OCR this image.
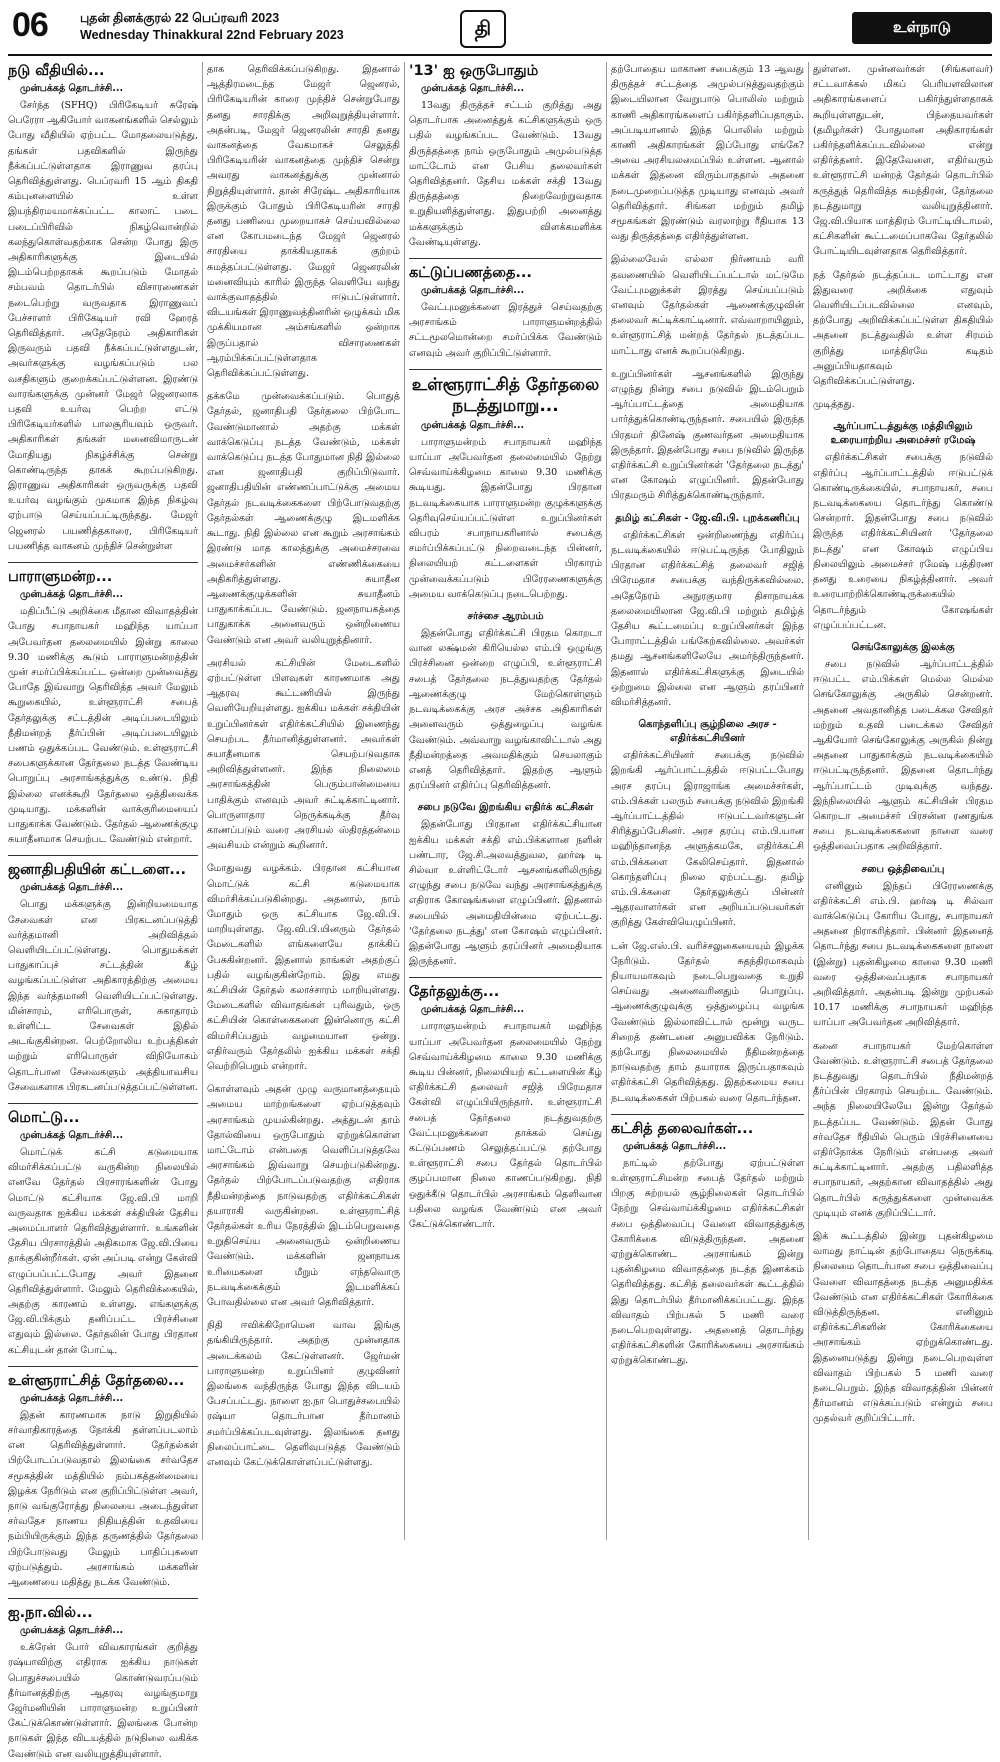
06	புதன் தினக்குரல் 22 பெப்ரவரி 2023
Wednesday Thinakkural 22nd February 2023	தி	உள்நாடு
நடு வீதியில்...
முன்பக்கத் தொடர்ச்சி...

சேர்ந்த (SFHQ) பிரிகேடியர் சுரேஷ் பெரேரா ஆகியோர் வாகனங்களில் செல்லும் போது வீதியில் ஏற்பட்ட மோதலையடுத்து, தங்கள் பதவிகளில் இருந்து நீக்கப்பட்டுள்ளதாக இராணுவ தரப்பு தெரிவித்துள்ளது. பெப்ரவரி 15 ஆம் திகதி கம்புனளையில் உள்ள இயந்திரமயமாக்கப்பட்ட காலாட் படை படைப்பிரிவில் நிகழ்வொன்றில் கலந்துகொள்வதற்காக சென்ற போது இரு அதிகாரிகளுக்கு இடையில் இடம்பெற்றதாகக் கூறப்படும் மோதல் சம்பவம் தொடர்பில் விசாரணைகள் நடைபெற்று வருவதாக இராணுவப் பேச்சாளர் பிரிகேடியர் ரவி ஹேரத் தெரிவித்தார். அதேநேரம் அதிகாரிகள் இருவரும் பதவி நீக்கப்பட்டுள்ளதுடன், அவர்களுக்கு வழங்கப்படும் பல வசதிகளும் குறைக்கப்பட்டுள்ளன. இரண்டு வாரங்களுக்கு முன்னர் மேஜர் ஜெனரலாக பதவி உயர்வு பெற்ற எட்டு பிரிகேடியர்களில் பாலசூரியவும் ஒருவர். அதிகாரிகள் தங்கள் மனைவிமாருடன் மோதியது நிகழ்ச்சிக்கு சென்று கொண்டிருந்த தாகக் கூறப்படுகிறது. இராணுவ அதிகாரிகள் ஒருவருக்கு பதவி உயர்வு வழங்கும் முகமாக இந்த நிகழ்வு ஏற்பாடு செய்யப்பட்டிருந்தது. மேஜர் ஜெனரல் பயணித்தகாரை, பிரிகேடியர் பயணித்த வாகனம் முந்திச் சென்றுள்ள

பாராளுமன்ற...
முன்பக்கத் தொடர்ச்சி...

மதிப்பீட்டு அறிக்கை மீதான விவாதத்தின் போது சபாநாயகர் மஹிந்த யாப்பா அபேவர்தன தலைமையில் இன்று காலை 9.30 மணிக்கு கூடும் பாராளுமன்றத்தின் முன் சமர்ப்பிக்கப்பட்ட ஒன்றை முன்வைத்து போதே இவ்வாறு தெரிவித்த அவர் மேலும் கூறுகையில், உள்ளூராட்சி சபைத் தேர்தலுக்கு சட்டத்தின் அடிப்படையிலும் நீதிமன்றத் தீர்ப்பின் அடிப்படையிலும் பணம் ஒதுக்கப்பட வேண்டும். உள்ளூராட்சி சபைகளுக்கான தேர்தலை நடத்த வேண்டிய பொறுப்பு அரசாங்கத்துக்கு உண்டு. நிதி இல்லை எனக்கூறி தேர்தலை ஒத்திவைக்க முடியாது. மக்களின் வாக்குரிமையைப் பாதுகாக்க வேண்டும். தேர்தல் ஆணைக்குழு சுயாதீனமாக செயற்பட வேண்டும் என்றார்.

ஜனாதிபதியின் கட்டளை...
முன்பக்கத் தொடர்ச்சி...

பொது மக்களுக்கு இன்றியமையாத சேவைகள் என பிரகடனப்படுத்தி வர்த்தமானி அறிவித்தல் வெளியிடப்பட்டுள்ளது. பொதுமக்கள் பாதுகாப்புச் சட்டத்தின் கீழ் வழங்கப்பட்டுள்ள அதிகாரத்திற்கு அமைய இந்த வர்த்தமானி வெளியிடப்பட்டுள்ளது. மின்சாரம், எரிபொருள், சுகாதாரம் உள்ளிட்ட சேவைகள் இதில் அடங்குகின்றன. பெற்றோலிய உற்பத்திகள் மற்றும் எரிபொருள் விநியோகம் தொடர்பான சேவைகளும் அத்தியாவசிய சேவைகளாக பிரகடனப்படுத்தப்பட்டுள்ளன.

மொட்டு...
முன்பக்கத் தொடர்ச்சி...

மொட்டுக் கட்சி கடுமையாக விமர்சிக்கப்பட்டு வருகின்ற நிலையில் எனவே தேர்தல் பிரசாரங்களின் போது மொட்டு கட்சியாக ஜே.வி.பி மாறி வருவதாக ஐக்கிய மக்கள் சக்தியின் தேசிய அமைப்பாளர் தெரிவித்துள்ளார். உங்களின் தேசிய பிரசாரத்தில் அதிகமாக ஜே.வி.பியை தாக்குகின்றீர்கள். ஏன் அப்படி என்று கேள்வி எழுப்பப்பட்டபோது அவர் இதனை தெரிவித்துள்ளார். மேலும் தெரிவிக்கையில், அதற்கு காரணம் உள்ளது. எங்களுக்கு ஜே.வி.பிக்கும் தனிப்பட்ட பிரச்சினை எதுவும் இல்லை. தேர்தலின் போது பிரதான கட்சியுடன் தான் போட்டி.

உள்ளூராட்சித் தேர்தலை...
முன்பக்கத் தொடர்ச்சி...

இதன் காரணமாக நாடு இறுதியில் சர்வாதிகாரத்தை நோக்கி தள்ளப்படலாம் என தெரிவித்துள்ளார். தேர்தல்கள் பிற்போடப்படுவதால் இலங்கை சர்வதேச சமூகத்தின் மத்தியில் நம்பகத்தன்மையை இழக்க நேரிடும் என குறிப்பிட்டுள்ள அவர், நாடு வங்குரோத்து நிலையை அடைந்துள்ள சர்வதேச நாணய நிதியத்தின் உதவியை நம்பியிருக்கும் இந்த தருணத்தில் தேர்தலை பிற்போடுவது மேலும் பாதிப்புகளை ஏற்படுத்தும். அரசாங்கம் மக்களின் ஆணையை மதித்து நடக்க வேண்டும்.

ஐ.நா.வில்...
முன்பக்கத் தொடர்ச்சி...

உக்ரேன் போர் விவகாரங்கள் குறித்து ரஷ்யாவிற்கு எதிராக ஐக்கிய நாடுகள் பொதுச்சபையில் கொண்டுவரப்படும் தீர்மானத்திற்கு ஆதரவு வழங்குமாறு ஜேர்மனியின் பாராளுமன்ற உறுப்பினர் கேட்டுக்கொண்டுள்ளார். இலங்கை போன்ற நாடுகள் இந்த விடயத்தில் நடுநிலை வகிக்க வேண்டும் என வலியுறுத்தியுள்ளார்.

தாக தெரிவிக்கப்படுகிறது. இதனால் ஆத்திரமடைந்த மேஜர் ஜெனரல், பிரிகேடியரின் காரை முந்திச் சென்றுபோது தனது சாரதிக்கு அறிவுறுத்தியுள்ளார். அதன்படி, மேஜர் ஜெனரலின் சாரதி தனது வாகனத்தை வேகமாகச் செலுத்தி பிரிகேடியரின் வாகனத்தை முந்திச் சென்று அவரது வாகனத்துக்கு முன்னால் நிறுத்தியுள்ளார். தான் சிரேஷ்ட அதிகாரியாக இருக்கும் போதும் பிரிகேடியரின் சாரதி தனது பணியை முறையாகச் செய்யவில்லை என கோபமடைந்த மேஜர் ஜெனரல் சாரதியை தாக்கியதாகக் குற்றம் சுமத்தப்பட்டுள்ளது. மேஜர் ஜெனரலின் மனைவியும் காரில் இருந்த வெளியே வந்து வாக்குவாதத்தில் ஈடுபட்டுள்ளார். விடயங்கள் இராணுவத்தினரின் ஒழுக்கம் மிக முக்கியமான அம்சங்களில் ஒன்றாக இருப்பதால் விசாரணைகள் ஆரம்பிக்கப்பட்டுள்ளதாக தெரிவிக்கப்பட்டுள்ளது.

தக்கமே முன்வைக்கப்படும். பொதுத் தேர்தல், ஜனாதிபதி தேர்தலை பிற்போட வேண்டுமானால் அதற்கு மக்கள் வாக்கெடுப்பு நடத்த வேண்டும், மக்கள் வாக்கெடுப்பு நடத்த போதுமான நிதி இல்லை என ஜனாதிபதி குறிப்பிடுவார். ஜனாதிபதியின் எண்ணப்பாட்டுக்கு அமைய தேர்தல் நடவடிக்கைகளை பிற்போடுவதற்கு தேர்தல்கள் ஆணைக்குழு இடமளிக்க கூடாது. நிதி இல்லை என கூறும் அரசாங்கம் இரண்டு மாத காலத்துக்கு அமைச்சரவை அமைச்சர்களின் எண்ணிக்கையை அதிகரித்துள்ளது. சுயாதீன ஆணைக்குழுக்களின் சுயாதீனம் பாதுகாக்கப்பட வேண்டும். ஜனநாயகத்தை பாதுகாக்க அனைவரும் ஒன்றிணைய வேண்டும் என அவர் வலியுறுத்தினார்.

அரசியல் கட்சியின் மேடைகளில் ஏற்பட்டுள்ள பிளவுகள் காரணமாக அது ஆதரவு கூட்டணியில் இருந்து வெளியேறியுள்ளது. ஐக்கிய மக்கள் சக்தியின் உறுப்பினர்கள் எதிர்க்கட்சியில் இணைந்து செயற்பட தீர்மானித்துள்ளனர். அவர்கள் சுயாதீனமாக செயற்படுவதாக அறிவித்துள்ளனர். இந்த நிலைமை அரசாங்கத்தின் பெரும்பான்மையை பாதிக்கும் எனவும் அவர் சுட்டிக்காட்டினார். பொருளாதார நெருக்கடிக்கு தீர்வு காணப்படும் வரை அரசியல் ஸ்திரத்தன்மை அவசியம் என்றும் கூறினார்.

மோதுவது வழக்கம். பிரதான கட்சியான மொட்டுக் கட்சி கடுமையாக விமர்சிக்கப்படுகின்றது. அதனால், நாம் மோதும் ஒரு கட்சியாக ஜே.வி.பி. மாறியுள்ளது. ஜே.வி.பி.யினரும் தேர்தல் மேடைகளில் எங்களையே தாக்கிப் பேசுகின்றனர். இதனால் நாங்கள் அதற்குப் பதில் வழங்குகின்றோம். இது எமது கட்சியின் தேர்தல் கலாச்சாரம் மாறியுள்ளது. மேடைகளில் விவாதங்கள் புரிவதும், ஒரு கட்சியின் கொள்கைகளை இன்னொரு கட்சி விமர்சிப்பதும் வழமையான ஒன்று. எதிர்வரும் தேர்தலில் ஐக்கிய மக்கள் சக்தி வெற்றிபெறும் என்றார்.

கொள்ளவும் அதன் முழு வருமானத்தையும் அமைய மாற்றங்களை ஏற்படுத்தவும் அரசாங்கம் முயல்கின்றது. அத்துடன் தாம் தோல்வியை ஒருபோதும் ஏற்றுக்கொள்ள மாட்டோம் என்பதை வெளிப்படுத்தவே அரசாங்கம் இவ்வாறு செயற்படுகின்றது. தேர்தல் பிற்போடப்படுவதற்கு எதிராக நீதிமன்றத்தை நாடுவதற்கு எதிர்க்கட்சிகள் தயாராகி வருகின்றன. உள்ளூராட்சித் தேர்தல்கள் உரிய நேரத்தில் இடம்பெறுவதை உறுதிசெய்ய அனைவரும் ஒன்றிணைய வேண்டும். மக்களின் ஜனநாயக உரிமைகளை மீறும் எந்தவொரு நடவடிக்கைக்கும் இடமளிக்கப் போவதில்லை என அவர் தெரிவித்தார்.

நிதி ஈவிக்கிறோமென வாவ இங்கு தங்கியிருந்தார். அதற்கு முன்னதாக அடைக்கலம் கேட்டுள்ளனர். ஜேர்மன் பாராளுமன்ற உறுப்பினர் குழுவினர் இலங்கை வந்திருந்த போது இந்த விடயம் பேசப்பட்டது. நாளை ஐ.நா பொதுச்சபையில் ரஷ்யா தொடர்பான தீர்மானம் சமர்ப்பிக்கப்படவுள்ளது. இலங்கை தனது நிலைப்பாட்டை தெளிவுபடுத்த வேண்டும் எனவும் கேட்டுக்கொள்ளப்பட்டுள்ளது.

'13' ஐ ஒருபோதும்
முன்பக்கத் தொடர்ச்சி...

13வது திருத்தச் சட்டம் குறித்து அது தொடர்பாக அனைத்துக் கட்சிகளுக்கும் ஒரு பதில் வழங்கப்பட வேண்டும். 13வது திருத்தத்தை நாம் ஒருபோதும் அமுல்படுத்த மாட்டோம் என பேசிய தலைவர்கள் தெரிவித்தனர். தேசிய மக்கள் சக்தி 13வது திருத்தத்தை நிறைவேற்றுவதாக உறுதியளித்துள்ளது. இதுபற்றி அனைத்து மக்களுக்கும் விளக்கமளிக்க வேண்டியுள்ளது.

கட்டுப்பணத்தை...
முன்பக்கத் தொடர்ச்சி...

வேட்புமனுக்களை இரத்துச் செய்வதற்கு அரசாங்கம் பாராளுமன்றத்தில் சட்டமூலமொன்றை சமர்ப்பிக்க வேண்டும் எனவும் அவர் குறிப்பிட்டுள்ளார்.

உள்ளூராட்சித் தேர்தலை நடத்துமாறு...
முன்பக்கத் தொடர்ச்சி...

பாராளுமன்றம் சபாநாயகர் மஹிந்த யாப்பா அபேவர்தன தலைமையில் நேற்று செவ்வாய்க்கிழமை காலை 9.30 மணிக்கு கூடியது. இதன்போது பிரதான நடவடிக்கையாக பாராளுமன்ற குழுக்களுக்கு தெரிவுசெய்யப்பட்டுள்ள உறுப்பினர்கள் விபரம் சபாநாயகரினால் சபைக்கு சமர்ப்பிக்கப்பட்டு நிறைவடைந்த பின்னர், நிலையியற் கட்டளைகள் பிரகாரம் முன்வைக்கப்படும் பிரேரணைகளுக்கு அமைய வாக்கெடுப்பு நடைபெற்றது.

சர்ச்சை ஆரம்பம்

இதன்போது எதிர்க்கட்சி பிரதம கொறடா வான லக்ஷ்மன் கிரியெல்ல எம்.பி ஒழுங்கு பிரச்சினை ஒன்றை எழுப்பி, உள்ளூராட்சி சபைத் தேர்தலை நடத்துவதற்கு தேர்தல் ஆணைக்குழு மேற்கொள்ளும் நடவடிக்கைக்கு அரச அச்சக அதிகாரிகள் அனைவரும் ஒத்துழைப்பு வழங்க வேண்டும். அவ்வாறு வழங்காவிட்டால் அது நீதிமன்றத்தை அவமதிக்கும் செயலாகும் எனத் தெரிவித்தார். இதற்கு ஆளும் தரப்பினர் எதிர்ப்பு தெரிவித்தனர்.

சபை நடுவே இறங்கிய எதிர்க் கட்சிகள்

இதன்போது பிரதான எதிர்க்கட்சியான ஐக்கிய மக்கள் சக்தி எம்.பிக்களான நளின் பண்டார, ஜே.சி.அலவத்துவல, ஹர்ஷ டி சில்வா உள்ளிட்டோர் ஆசனங்களிலிருந்து எழுந்து சபை நடுவே வந்து அரசாங்கத்துக்கு எதிராக கோஷங்களை எழுப்பினர். இதனால் சபையில் அமைதியின்மை ஏற்பட்டது. 'தேர்தலை நடத்து' என கோஷம் எழுப்பினர். இதன்போது ஆளும் தரப்பினர் அமைதியாக இருந்தனர்.

தேர்தலுக்கு...
முன்பக்கத் தொடர்ச்சி...

பாராளுமன்றம் சபாநாயகர் மஹிந்த யாப்பா அபேவர்தன தலைமையில் நேற்று செவ்வாய்க்கிழமை காலை 9.30 மணிக்கு கூடிய பின்னர், நிலையியற் கட்டளையின் கீழ் எதிர்க்கட்சி தலைவர் சஜித் பிரேமதாச கேள்வி எழுப்பியிருந்தார். உள்ளூராட்சி சபைத் தேர்தலை நடத்துவதற்கு வேட்புமனுக்களை தாக்கல் செய்து கட்டுப்பணம் செலுத்தப்பட்டு தற்போது உள்ளூராட்சி சபை தேர்தல் தொடர்பில் குழப்பமான நிலை காணப்படுகிறது. நிதி ஒதுக்கீடு தொடர்பில் அரசாங்கம் தெளிவான பதிலை வழங்க வேண்டும் என அவர் கேட்டுக்கொண்டார்.

தற்போதைய மாகாண சபைக்கும் 13 ஆவது திருத்தச் சட்டத்தை அமுல்படுத்துவதற்கும் இடையிலான வேறுபாடு பொலிஸ் மற்றும் காணி அதிகாரங்களைப் பகிர்ந்தளிப்பதாகும். அப்படியானால் இந்த பொலிஸ் மற்றும் காணி அதிகாரங்கள் இப்போது எங்கே? அவை அரசியலமைப்பில் உள்ளன. ஆனால் மக்கள் இதனை விரும்பாததால் அதனை நடைமுறைப்படுத்த முடியாது எனவும் அவர் தெரிவித்தார். சிங்கள மற்றும் தமிழ் சமூகங்கள் இரண்டும் வரலாற்று ரீதியாக 13 வது திருத்தத்தை எதிர்த்துள்ளன.

இல்லையேல் எல்லா நிர்ணயம் வரி தவணையில் வெளியிடப்பட்டால் மட்டுமே வேட்புமனுக்கள் இரத்து செய்யப்படும் எனவும் தேர்தல்கள் ஆணைக்குழுவின் தலைவர் சுட்டிக்காட்டினார். எவ்வாறாயினும், உள்ளூராட்சித் மன்றத் தேர்தல் நடத்தப்பட மாட்டாது எனக் கூறப்படுகிறது.

உறுப்பினர்கள் ஆசனங்களில் இருந்து எழுந்து நின்று சபை நடுவில் இடம்பெறும் ஆர்ப்பாட்டத்தை அமைதியாக பார்த்துக்கொண்டிருந்தனர். சபையில் இருந்த பிரதமர் தினேஷ் குணவர்தன அமைதியாக இருந்தார். இதன்போது சபை நடுவில் இருந்த எதிர்க்கட்சி உறுப்பினர்கள் 'தேர்தலை நடத்து' என கோஷம் எழுப்பினர். இதன்போது பிரதமரும் சிரித்துக்கொண்டிருந்தார்.

தமிழ் கட்சிகள் - ஜே.வி.பி. புறக்கணிப்பு

எதிர்க்கட்சிகள் ஒன்றிணைந்து எதிர்ப்பு நடவடிக்கையில் ஈடுபட்டிருந்த போதிலும் பிரதான எதிர்க்கட்சித் தலைவர் சஜித் பிரேமதாச சபைக்கு வந்திருக்கவில்லை. அதேநேரம் அநுரகுமார திசாநாயக்க தலைமையிலான ஜே.வி.பி மற்றும் தமிழ்த் தேசிய கூட்டமைப்பு உறுப்பினர்கள் இந்த போராட்டத்தில் பங்கேற்கவில்லை. அவர்கள் தமது ஆசனங்களிலேயே அமர்ந்திருந்தனர். இதனால் எதிர்க்கட்சிகளுக்கு இடையில் ஒற்றுமை இல்லை என ஆளும் தரப்பினர் விமர்சித்தனர்.

கொந்தளிப்பு சூழ்நிலை அரச - எதிர்க்கட்சியினர்

எதிர்க்கட்சியினர் சபைக்கு நடுவில் இறங்கி ஆர்ப்பாட்டத்தில் ஈடுபட்டபோது அரச தரப்பு இராஜாங்க அமைச்சர்கள், எம்.பிக்கள் பலரும் சபைக்கு நடுவில் இறங்கி ஆர்ப்பாட்டத்தில் ஈடுபட்டவர்களுடன் சிரித்துப்பேசினர். அரச தரப்பு எம்.பி.யான மஹிந்தானந்த அளுத்கமகே, எதிர்க்கட்சி எம்.பிக்களை கேலிசெய்தார். இதனால் கொந்தளிப்பு நிலை ஏற்பட்டது. தமிழ் எம்.பி.க்களை தேர்தலுக்குப் பின்னர் ஆதரவாளர்கள் என அறியப்படுபவர்கள் குறித்து கேள்வியெழுப்பினர்.

டன் ஜே.எஸ்.பி. வரிச்சலுகையையும் இழக்க நேரிடும். தேர்தல் சுதந்திரமாகவும் நியாயமாகவும் நடைபெறுவதை உறுதி செய்வது அனைவரினதும் பொறுப்பு. ஆணைக்குழுவுக்கு ஒத்துழைப்பு வழங்க வேண்டும் இல்லாவிட்டால் மூன்று வருட சிறைத் தண்டனை அனுபவிக்க நேரிடும். தற்போது நிலைமையில் நீதிமன்றத்தை நாடுவதற்கு தாம் தயாராக இருப்பதாகவும் எதிர்க்கட்சி தெரிவித்தது. இதற்கமைய சபை நடவடிக்கைகள் பிற்பகல் வரை தொடர்ந்தன.

கட்சித் தலைவர்கள்...
முன்பக்கத் தொடர்ச்சி...

நாட்டில் தற்போது ஏற்பட்டுள்ள உள்ளூராட்சிமன்ற சபைத் தேர்தல் மற்றும் பிறகு சுற்றயல் சூழ்நிலைகள் தொடர்பில் நேற்று செவ்வாய்க்கிழமை எதிர்க்கட்சிகள் சபை ஒத்திவைப்பு வேளை விவாதத்துக்கு கோரிக்கை விடுத்திருந்தன. அதனை ஏற்றுக்கொண்ட அரசாங்கம் இன்று புதன்கிழமை விவாதத்தை நடத்த இணக்கம் தெரிவித்தது. கட்சித் தலைவர்கள் கூட்டத்தில் இது தொடர்பில் தீர்மானிக்கப்பட்டது. இந்த விவாதம் பிற்பகல் 5 மணி வரை நடைபெறவுள்ளது. அதனைத் தொடர்ந்து எதிர்க்கட்சிகளின் கோரிக்கையை அரசாங்கம் ஏற்றுக்கொண்டது.

துள்ளன. முன்னவர்கள் (சிங்களவர்) சட்டவாக்கல் மிகப் பெரியளவிலான அதிகாரங்களைப் பகிர்ந்துள்ளதாகக் கூறியுள்ளதுடன், பிந்தையவர்கள் (தமிழர்கள்) போதுமான அதிகாரங்கள் பகிர்ந்தளிக்கப்படவில்லை என்று எதிர்த்தனர். இதேவேளை, எதிர்வரும் உள்ளூராட்சி மன்றத் தேர்தல் தொடர்பில் கருத்துத் தெரிவித்த சுமந்திரன், தேர்தலை நடத்துமாறு வலியுறுத்தினார். ஜே.வி.பியாக மாத்திரம் போட்டியிடாமல், கட்சிகளின் கூட்டமைப்பாகவே தேர்தலில் போட்டியிடவுள்ளதாக தெரிவித்தார்.

நத் தேர்தல் நடத்தப்பட மாட்டாது என இதுவரை அறிக்கை எதுவும் வெளியிடப்படவில்லை எனவும், தற்போது அறிவிக்கப்பட்டுள்ள திகதியில் அதனை நடத்துவதில் உள்ள சிரமம் குறித்து மாத்திரமே கடிதம் அனுப்பியதாகவும் தெரிவிக்கப்பட்டுள்ளது.

முடித்தது.

ஆர்ப்பாட்டத்துக்கு மத்தியிலும் உரையாற்றிய அமைச்சர் ரமேஷ்

எதிர்க்கட்சிகள் சபைக்கு நடுவில் எதிர்ப்பு ஆர்ப்பாட்டத்தில் ஈடுபட்டுக் கொண்டிருக்கையில், சபாநாயகர், சபை நடவடிக்கையை தொடர்ந்து கொண்டு சென்றார். இதன்போது சபை நடுவில் இருந்த எதிர்க்கட்சியினர் 'தேர்தலை நடத்து' என கோஷம் எழுப்பிய நிலையிலும் அமைச்சர் ரமேஷ் பத்திரண தனது உரையை நிகழ்த்தினார். அவர் உரையாற்றிக்கொண்டிருக்கையில் தொடர்ந்தும் கோஷங்கள் எழுப்பப்பட்டன.

செங்கோலுக்கு இலக்கு

சபை நடுவில் ஆர்ப்பாட்டத்தில் ஈடுபட்ட எம்.பிக்கள் மெல்ல மெல்ல செங்கோலுக்கு அருகில் சென்றனர். அதனை அவதானித்த படைக்கல சேவிதர் மற்றும் உதவி படைக்கல சேவிதர் ஆகியோர் செங்கோலுக்கு அருகில் நின்று அதனை பாதுகாக்கும் நடவடிக்கையில் ஈடுபட்டிருந்தனர். இதனை தொடர்ந்து ஆர்ப்பாட்டம் முடிவுக்கு வந்தது. இந்நிலையில் ஆளும் கட்சியின் பிரதம கொறடா அமைச்சர் பிரசன்ன ரணதுங்க சபை நடவடிக்கைகளை நாளை வரை ஒத்திவைப்பதாக அறிவித்தார்.

சபை ஒத்திவைப்பு

எனினும் இந்தப் பிரேரணைக்கு எதிர்க்கட்சி எம்.பி. ஹர்ஷ டி சில்வா வாக்கெடுப்பு கோரிய போது, சபாநாயகர் அதனை நிராகரித்தார். பின்னர் இதனைத் தொடர்ந்து சபை நடவடிக்கைகளை நாளை (இன்று) புதன்கிழமை காலை 9.30 மணி வரை ஒத்திவைப்பதாக சபாநாயகர் அறிவித்தார். அதன்படி இன்று முற்பகல் 10.17 மணிக்கு சபாநாயகர் மஹிந்த யாப்பா அபேவர்தன அறிவித்தார்.

கனை சபாநாயகர் மேற்கொள்ள வேண்டும். உள்ளூராட்சி சபைத் தேர்தலை நடத்துவது தொடர்பில் நீதிமன்றத் தீர்ப்பின் பிரகாரம் செயற்பட வேண்டும். அந்த நிலையிலேயே இன்று தேர்தல் நடத்தப்பட வேண்டும். இதன் போது சர்வதேச ரீதியில் பெரும் பிரச்சினையை எதிர்நோக்க நேரிடும் என்பதை அவர் சுட்டிக்காட்டினார். அதற்கு பதிலளித்த சபாநாயகர், அதற்கான விவாதத்தில் அது தொடர்பில் கருத்துக்களை முன்வைக்க முடியும் எனக் குறிப்பிட்டார்.

இக் கூட்டத்தில் இன்று புதன்கிழமை வாமது நாட்டின் தற்போதைய நெருக்கடி நிலைமை தொடர்பான சபை ஒத்திவைப்பு வேளை விவாதத்தை நடத்த அனுமதிக்க வேண்டும் என எதிர்க்கட்சிகள் கோரிக்கை விடுத்திருந்தன. எனினும் எதிர்க்கட்சிகளின் கோரிக்கையை அரசாங்கம் ஏற்றுக்கொண்டது. இதனையடுத்து இன்று நடைபெறவுள்ள விவாதம் பிற்பகல் 5 மணி வரை நடைபெறும். இந்த விவாதத்தின் பின்னர் தீர்மானம் எடுக்கப்படும் என்றும் சபை முதல்வர் குறிப்பிட்டார்.
